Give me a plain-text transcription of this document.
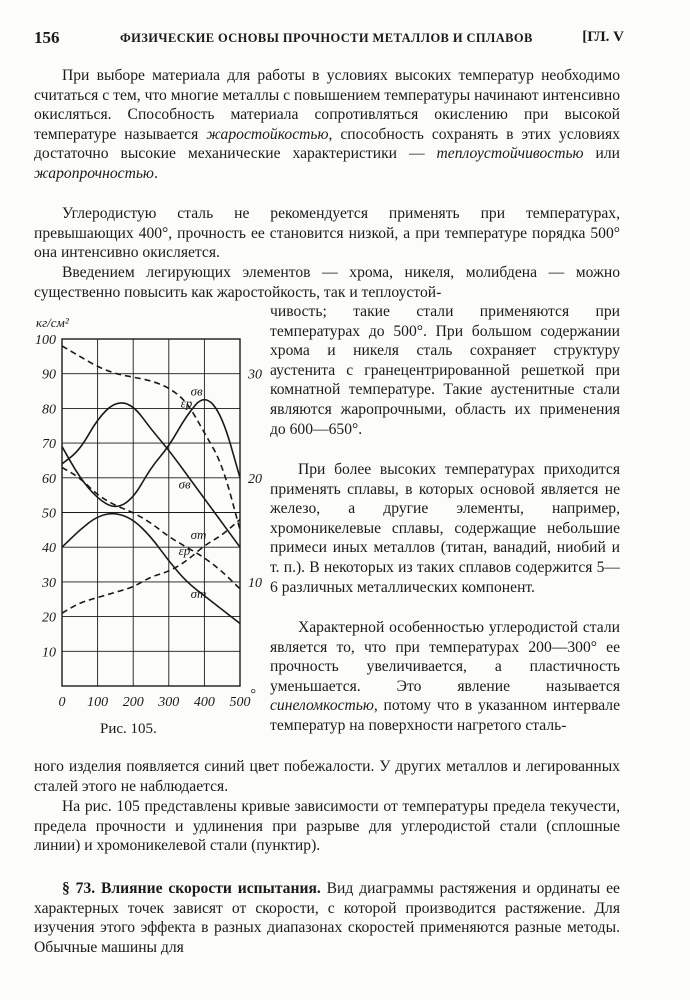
156	ФИЗИЧЕСКИЕ ОСНОВЫ ПРОЧНОСТИ МЕТАЛЛОВ И СПЛАВОВ	[ГЛ. V

При выборе материала для работы в условиях высоких температур необходимо считаться с тем, что многие металлы с повышением температуры начинают интенсивно окисляться. Способность материала сопротивляться окислению при высокой температуре называется жаростойкостью, способность сохранять в этих условиях достаточно высокие механические характеристики — теплоустойчивостью или жаропрочностью.

Углеродистую сталь не рекомендуется применять при температурах, превышающих 400°, прочность ее становится низкой, а при температуре порядка 500° она интенсивно окисляется.

Введением легирующих элементов — хрома, никеля, молибдена — можно существенно повысить как жаростойкость, так и теплоустой-

чивость; такие стали применяются при температурах до 500°. При большом содержании хрома и никеля сталь сохраняет структуру аустенита с гранецентрированной решеткой при комнатной температуре. Такие аустенитные стали являются жаропрочными, область их применения до 600—650°.

При более высоких температурах приходится применять сплавы, в которых основой является не железо, а другие элементы, например, хромоникелевые сплавы, содержащие небольшие примеси иных металлов (титан, ванадий, ниобий и т. п.). В некоторых из таких сплавов содержится 5—6 различных металлических компонент.

Характерной особенностью углеродистой стали является то, что при температурах 200—300° ее прочность увеличивается, а пластичность уменьшается. Это явление называется синеломкостью, потому что в указанном интервале температур на поверхности нагретого сталь-

ного изделия появляется синий цвет побежалости. У других металлов и легированных сталей этого не наблюдается.

На рис. 105 представлены кривые зависимости от температуры предела текучести, предела прочности и удлинения при разрыве для углеродистой стали (сплошные линии) и хромоникелевой стали (пунктир).

§ 73. Влияние скорости испытания. Вид диаграммы растяжения и ординаты ее характерных точек зависят от скорости, с которой производится растяжение. Для изучения этого эффекта в разных диапазонах скоростей применяются разные методы. Обычные машины для

0 100 200 300 400 500
°
10
20
30
40
50
60
70
80
90
100
кг/см²
10
20
30
σв
σв
σт
σт
εp
εp
Рис. 105.
